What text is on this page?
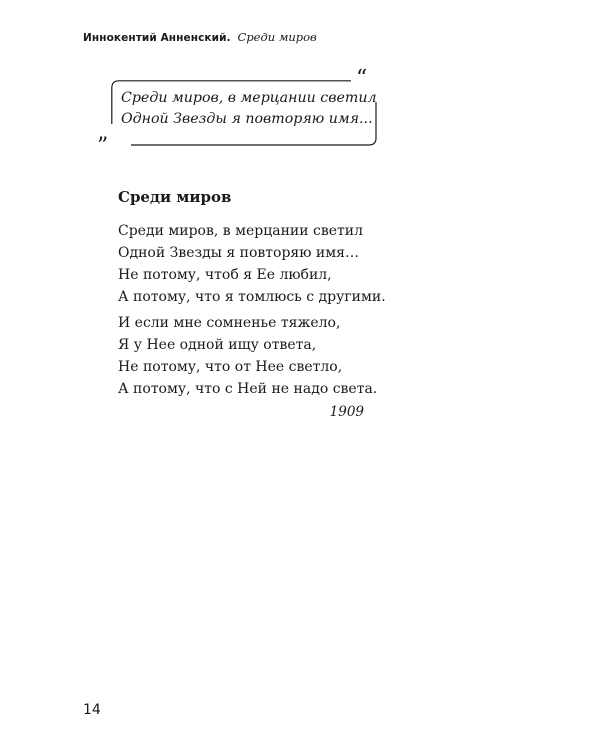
Иннокентий Анненский. Среди миров
“
”
Среди миров, в мерцании светил
Одной Звезды я повторяю имя...
Среди миров
Среди миров, в мерцании светил
Одной Звезды я повторяю имя…
Не потому, чтоб я Ее любил,
А потому, что я томлюсь с другими.
И если мне сомненье тяжело,
Я у Нее одной ищу ответа,
Не потому, что от Нее светло,
А потому, что с Ней не надо света.
1909
14
